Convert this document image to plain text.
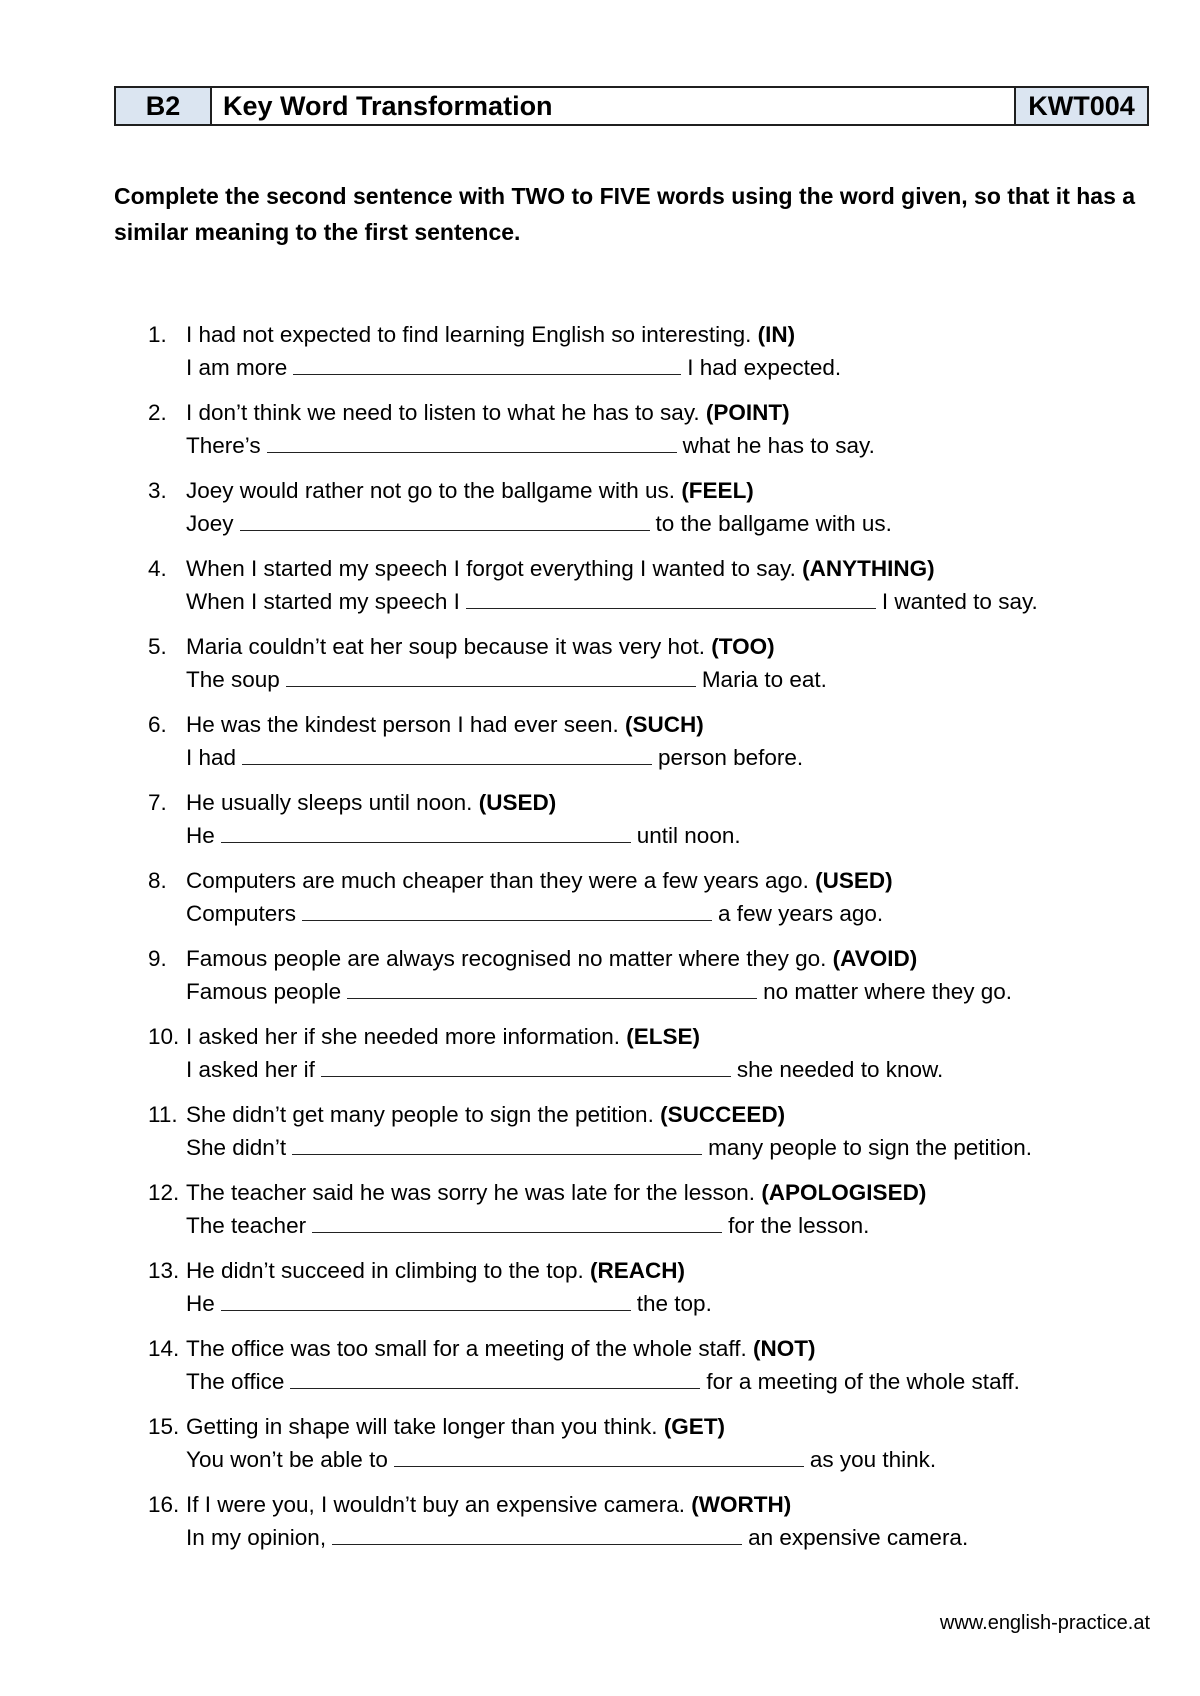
B2	Key Word Transformation	KWT004
Complete the second sentence with TWO to FIVE words using the word given, so that it has a similar meaning to the first sentence.
1. I had not expected to find learning English so interesting. (IN)
I am more	I had expected.
2. I don’t think we need to listen to what he has to say. (POINT)
There’s	what he has to say.
3. Joey would rather not go to the ballgame with us. (FEEL)
Joey	to the ballgame with us.
4. When I started my speech I forgot everything I wanted to say. (ANYTHING)
When I started my speech I	I wanted to say.
5. Maria couldn’t eat her soup because it was very hot. (TOO)
The soup	Maria to eat.
6. He was the kindest person I had ever seen. (SUCH)
I had	person before.
7. He usually sleeps until noon. (USED)
He	until noon.
8. Computers are much cheaper than they were a few years ago. (USED)
Computers	a few years ago.
9. Famous people are always recognised no matter where they go. (AVOID)
Famous people	no matter where they go.
10. I asked her if she needed more information. (ELSE)
I asked her if	she needed to know.
11. She didn’t get many people to sign the petition. (SUCCEED)
She didn’t	many people to sign the petition.
12. The teacher said he was sorry he was late for the lesson. (APOLOGISED)
The teacher	for the lesson.
13. He didn’t succeed in climbing to the top. (REACH)
He	the top.
14. The office was too small for a meeting of the whole staff. (NOT)
The office	for a meeting of the whole staff.
15. Getting in shape will take longer than you think. (GET)
You won’t be able to	as you think.
16. If I were you, I wouldn’t buy an expensive camera. (WORTH)
In my opinion,	an expensive camera.
www.english-practice.at
